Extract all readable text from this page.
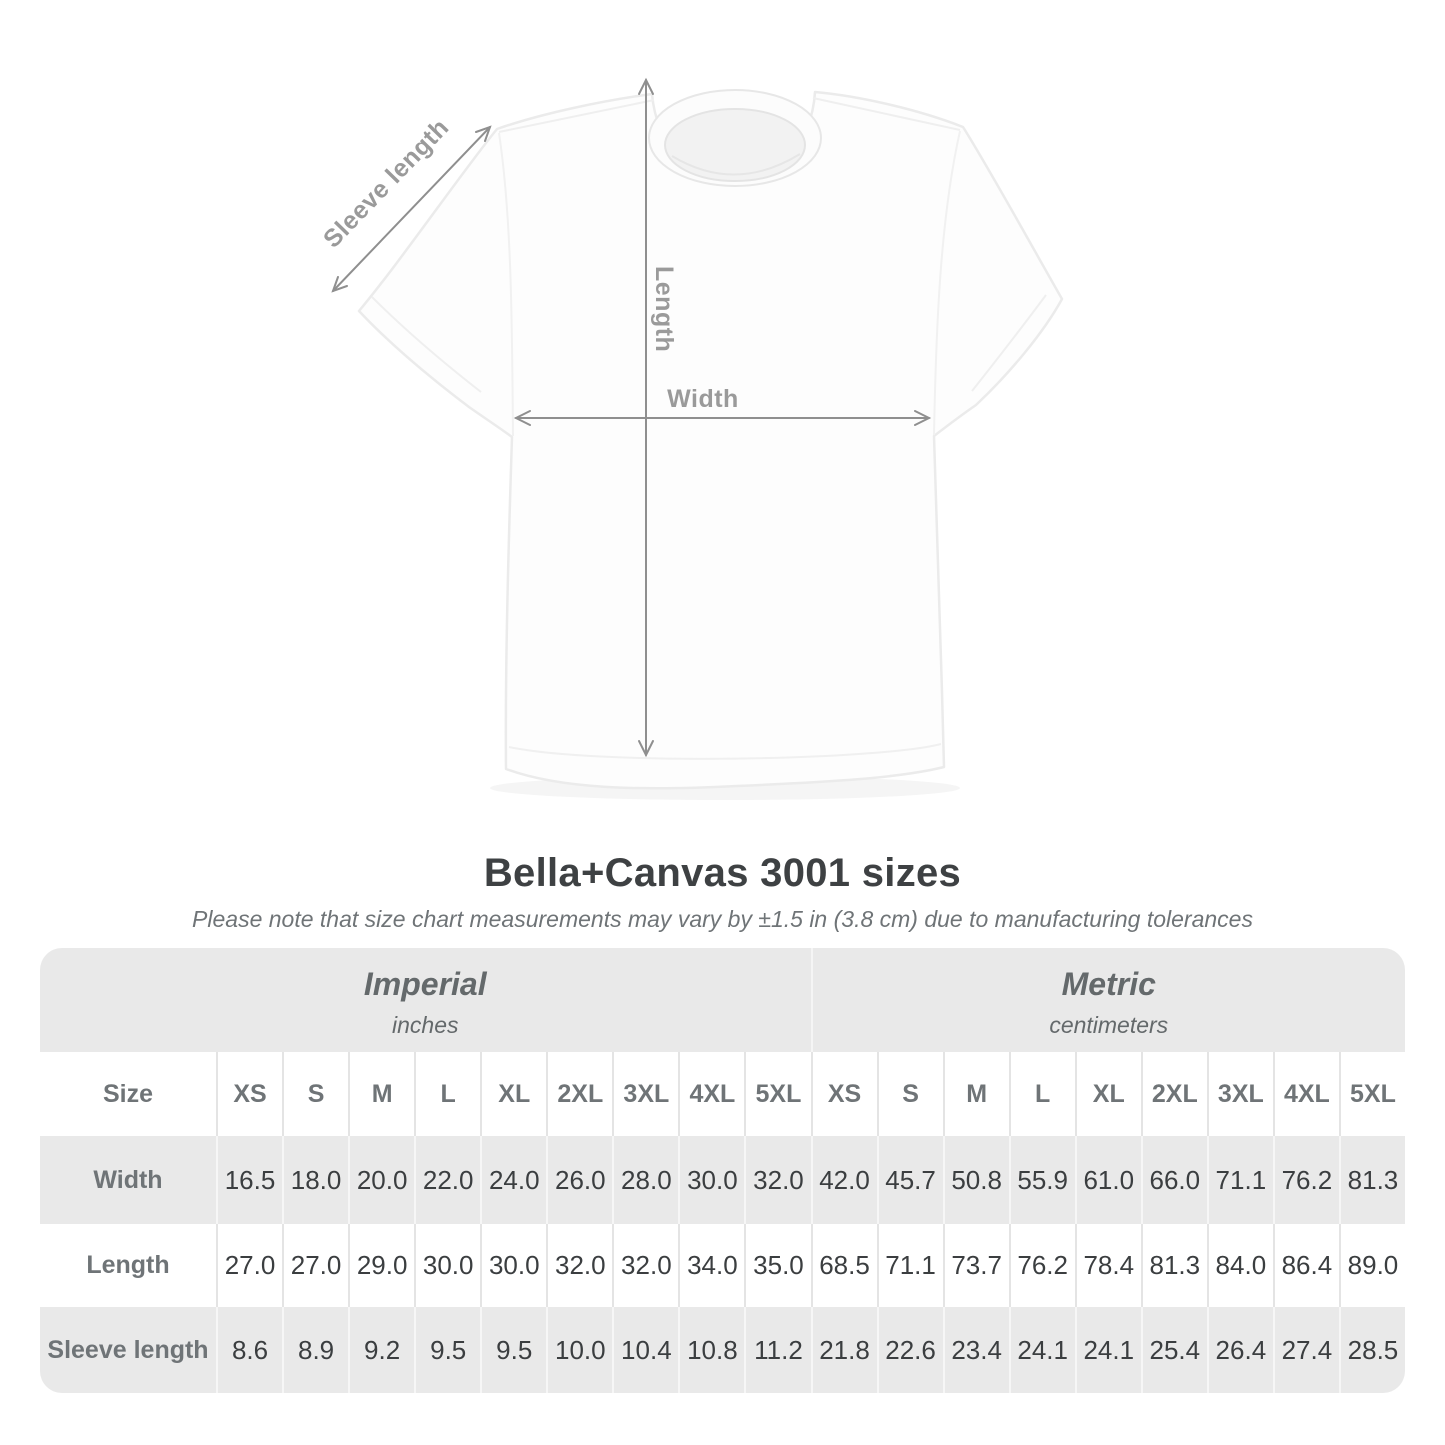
Length
Width
Sleeve length
Bella+Canvas 3001 sizes

Please note that size chart measurements may vary by ±1.5 in (3.8 cm) due to manufacturing tolerances

Imperial
inches
Metric
centimeters
Size	XS	S	M	L	XL	2XL 3XL 4XL 5XL	XS	S	M	L	XL	2XL 3XL 4XL 5XL
Width	16.5 18.0 20.0 22.0 24.0 26.0 28.0 30.0 32.0 42.0 45.7 50.8 55.9 61.0 66.0 71.1 76.2 81.3
Length	27.0 27.0 29.0 30.0 30.0 32.0 32.0 34.0 35.0 68.5 71.1 73.7 76.2 78.4 81.3 84.0 86.4 89.0
Sleeve length 8.6	8.9	9.2	9.5	9.5 10.0 10.4 10.8 11.2 21.8 22.6 23.4 24.1 24.1 25.4 26.4 27.4 28.5
